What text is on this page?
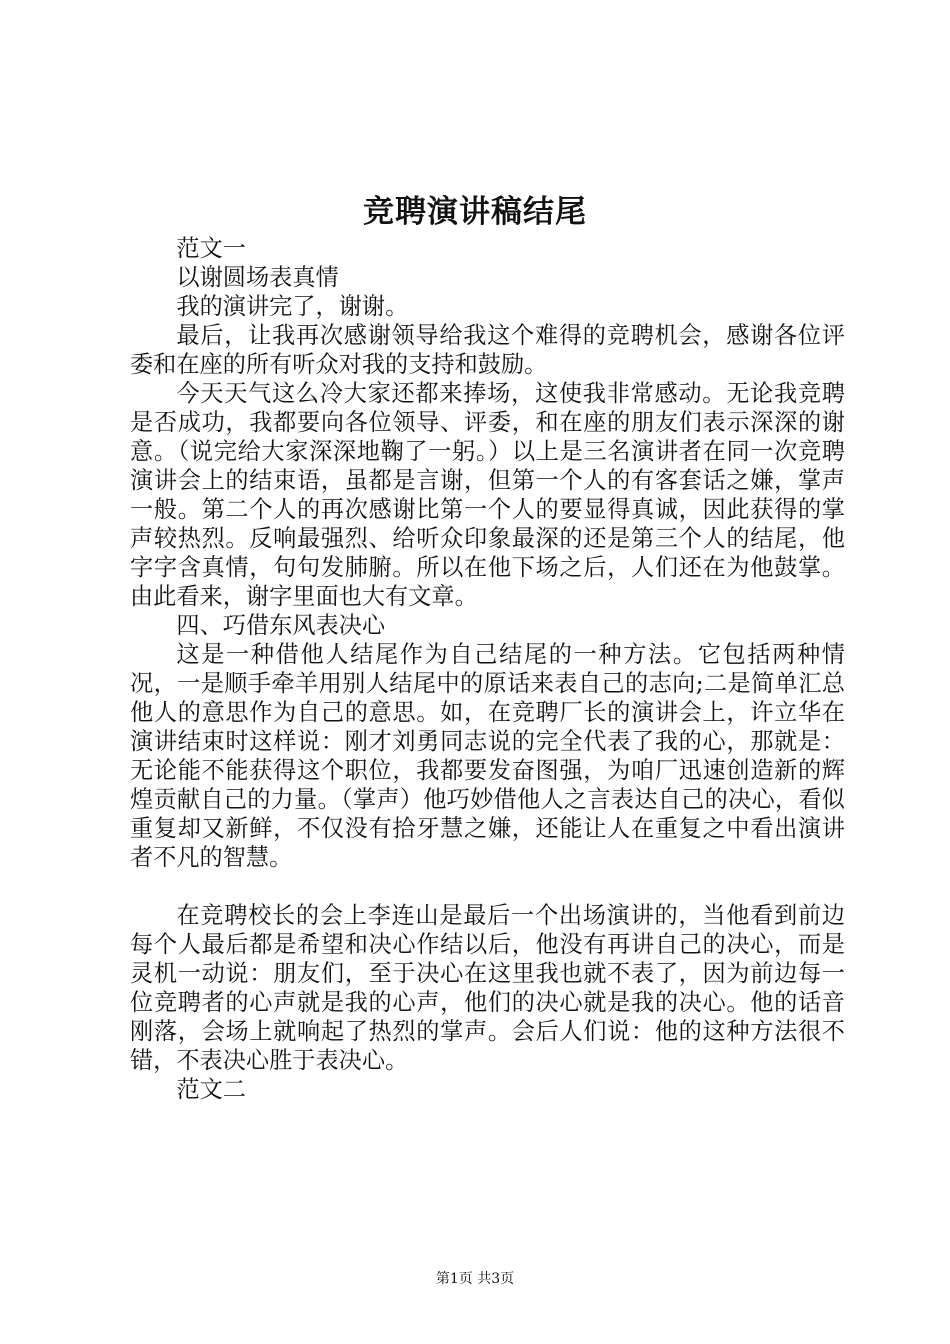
竞聘演讲稿结尾

范文一

以谢圆场表真情

我的演讲完了，谢谢。

最后，让我再次感谢领导给我这个难得的竞聘机会，感谢各位评委和在座的所有听众对我的支持和鼓励。

今天天气这么冷大家还都来捧场，这使我非常感动。无论我竞聘是否成功，我都要向各位领导、评委，和在座的朋友们表示深深的谢意。（说完给大家深深地鞠了一躬。）以上是三名演讲者在同一次竞聘演讲会上的结束语，虽都是言谢，但第一个人的有客套话之嫌，掌声一般。第二个人的再次感谢比第一个人的要显得真诚，因此获得的掌声较热烈。反响最强烈、给听众印象最深的还是第三个人的结尾，他字字含真情，句句发肺腑。所以在他下场之后，人们还在为他鼓掌。由此看来，谢字里面也大有文章。

四、巧借东风表决心

这是一种借他人结尾作为自己结尾的一种方法。它包括两种情况，一是顺手牵羊用别人结尾中的原话来表自己的志向;二是简单汇总他人的意思作为自己的意思。如，在竞聘厂长的演讲会上，许立华在演讲结束时这样说：刚才刘勇同志说的完全代表了我的心，那就是：无论能不能获得这个职位，我都要发奋图强，为咱厂迅速创造新的辉煌贡献自己的力量。（掌声）他巧妙借他人之言表达自己的决心，看似重复却又新鲜，不仅没有拾牙慧之嫌，还能让人在重复之中看出演讲者不凡的智慧。

在竞聘校长的会上李连山是最后一个出场演讲的，当他看到前边每个人最后都是希望和决心作结以后，他没有再讲自己的决心，而是灵机一动说：朋友们，至于决心在这里我也就不表了，因为前边每一位竞聘者的心声就是我的心声，他们的决心就是我的决心。他的话音刚落，会场上就响起了热烈的掌声。会后人们说：他的这种方法很不错，不表决心胜于表决心。

范文二

第1页 共3页
